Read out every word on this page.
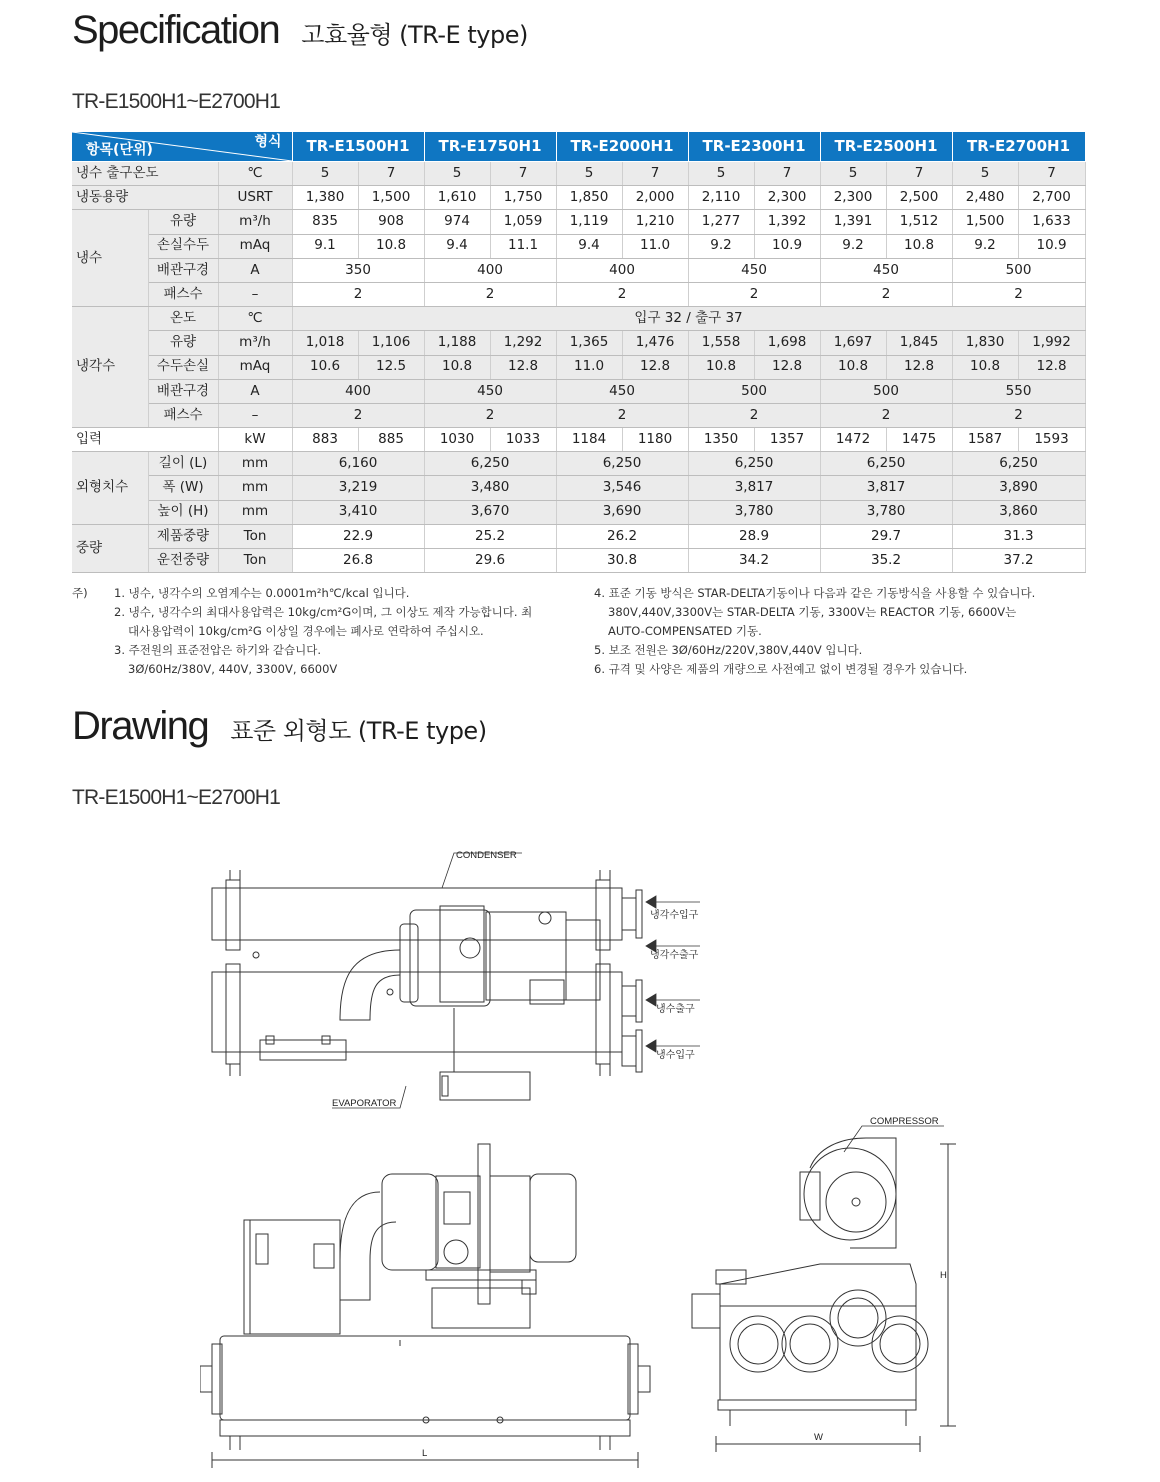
Specification 고효율형 (TR-E type)
TR-E1500H1~E2700H1
항목(단위) 형식			TR-E1500H1		TR-E1750H1		TR-E2000H1		TR-E2300H1		TR-E2500H1		TR-E2700H1	
냉수 출구온도		℃	5	7	5	7	5	7	5	7	5	7	5	7
냉동용량		USRT	1,380	1,500	1,610	1,750	1,850	2,000	2,110	2,300	2,300	2,500	2,480	2,700
냉수	유량	m³/h	835	908	974	1,059	1,119	1,210	1,277	1,392	1,391	1,512	1,500	1,633
	손실수두	mAq	9.1	10.8	9.4	11.1	9.4	11.0	9.2	10.9	9.2	10.8	9.2	10.9
	배관구경	A	350		400		400		450		450		500	
	패스수	–	2		2		2		2		2		2	
냉각수	온도	℃	입구 32 / 출구 37											
	유량	m³/h	1,018	1,106	1,188	1,292	1,365	1,476	1,558	1,698	1,697	1,845	1,830	1,992
	수두손실	mAq	10.6	12.5	10.8	12.8	11.0	12.8	10.8	12.8	10.8	12.8	10.8	12.8
	배관구경	A	400		450		450		500		500		550	
	패스수	–	2		2		2		2		2		2	
입력		kW	883	885	1030	1033	1184	1180	1350	1357	1472	1475	1587	1593
외형치수	길이 (L)	mm	6,160		6,250		6,250		6,250		6,250		6,250	
	폭 (W)	mm	3,219		3,480		3,546		3,817		3,817		3,890	
	높이 (H)	mm	3,410		3,670		3,690		3,780		3,780		3,860	
중량	제품중량	Ton	22.9		25.2		26.2		28.9		29.7		31.3	
	운전중량	Ton	26.8		29.6		30.8		34.2		35.2		37.2	
주) 1. 냉수, 냉각수의 오염계수는 0.0001m²h℃/kcal 입니다.

2. 냉수, 냉각수의 최대사용압력은 10kg/cm²G이며, 그 이상도 제작 가능합니다. 최

대사용압력이 10kg/cm²G 이상일 경우에는 폐사로 연락하여 주십시오.

3. 주전원의 표준전압은 하기와 같습니다.

3Ø/60Hz/380V, 440V, 3300V, 6600V

4. 표준 기동 방식은 STAR-DELTA기동이나 다음과 같은 기동방식을 사용할 수 있습니다.

380V,440V,3300V는 STAR-DELTA 기동, 3300V는 REACTOR 기동, 6600V는

AUTO-COMPENSATED 기동.

5. 보조 전원은 3Ø/60Hz/220V,380V,440V 입니다.

6. 규격 및 사양은 제품의 개량으로 사전예고 없이 변경될 경우가 있습니다.

Drawing 표준 외형도 (TR-E type)
TR-E1500H1~E2700H1
CONDENSER
EVAPORATOR
냉각수입구
냉각수출구
냉수출구
냉수입구
L
COMPRESSOR
H
W
